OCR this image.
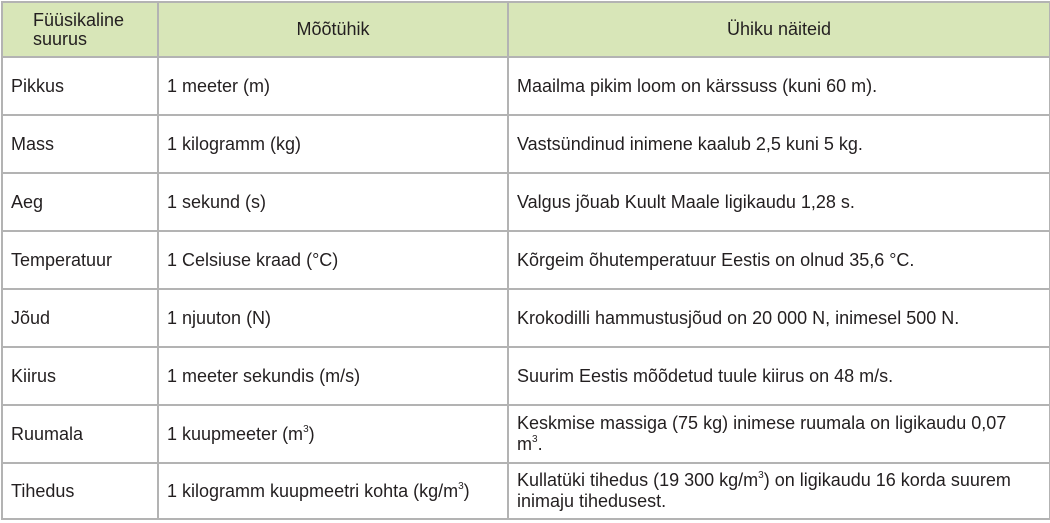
Füüsikaline suurus	Mõõtühik	Ühiku näiteid
Pikkus	1 meeter (m)	Maailma pikim loom on kärssuss (kuni 60 m).
Mass	1 kilogramm (kg)	Vastsündinud inimene kaalub 2,5 kuni 5 kg.
Aeg	1 sekund (s)	Valgus jõuab Kuult Maale ligikaudu 1,28 s.
Temperatuur	1 Celsiuse kraad (°C)	Kõrgeim õhutemperatuur Eestis on olnud 35,6 °C.
Jõud	1 njuuton (N)	Krokodilli hammustusjõud on 20 000 N, inimesel 500 N.
Kiirus	1 meeter sekundis (m/s)	Suurim Eestis mõõdetud tuule kiirus on 48 m/s.
Ruumala	1 kuupmeeter $(m^3)$	Keskmise massiga (75 kg) inimese ruumala on ligikaudu 0,07 $m^3$.
Tihedus	1 kilogramm kuupmeetri kohta $(kg/m^3)$	Kullatüki tihedus (19 300 $kg/m^3$) on ligikaudu 16 korda suurem inimaju tihedusest.
